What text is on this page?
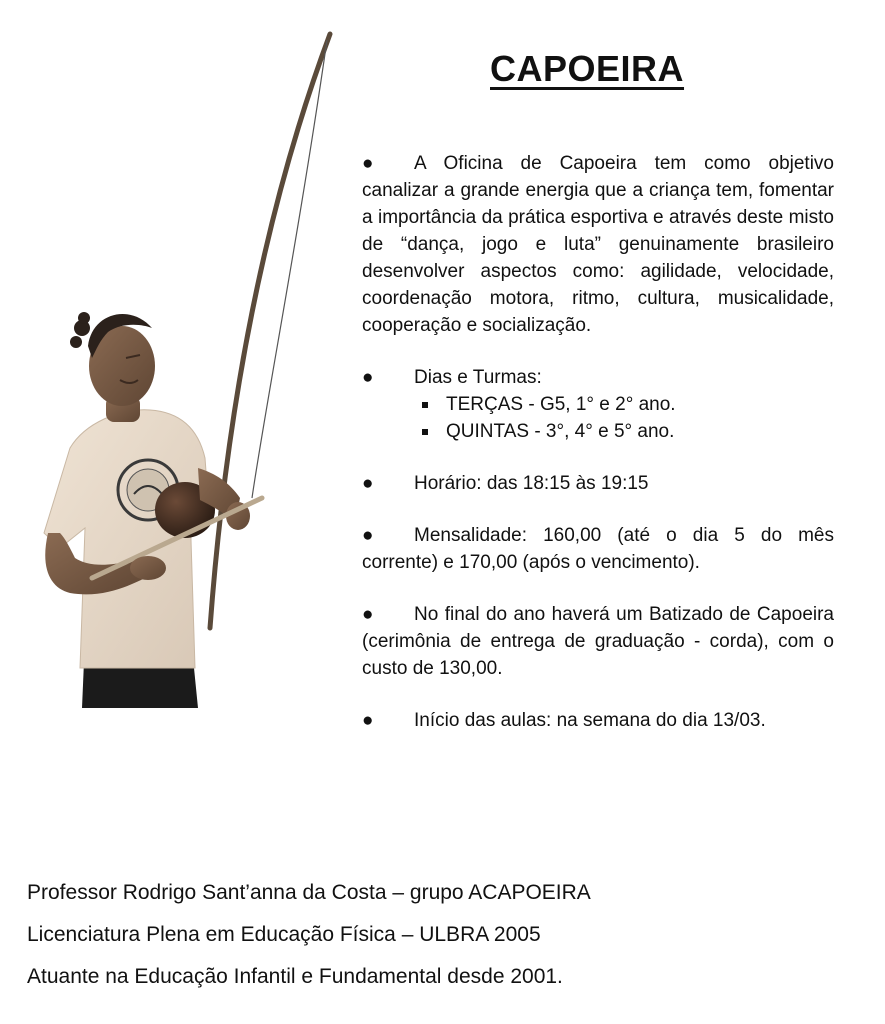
CAPOEIRA
●	A Oficina de Capoeira tem como objetivo canalizar a grande energia que a criança tem, fomentar a importância da prática esportiva e através deste misto de “dança, jogo e luta” genuinamente brasileiro desenvolver aspectos como: agilidade, velocidade, coordenação motora, ritmo, cultura, musicalidade, cooperação e socialização.

●	Dias e Turmas:

TERÇAS - G5, 1° e 2° ano.
QUINTAS - 3°, 4° e 5° ano.
●	Horário: das 18:15 às 19:15

●	Mensalidade: 160,00 (até o dia 5 do mês corrente) e 170,00 (após o vencimento).

●	No final do ano haverá um Batizado de Capoeira (cerimônia de entrega de graduação - corda), com o custo de 130,00.

●	Início das aulas: na semana do dia 13/03.

Professor Rodrigo Sant’anna da Costa – grupo ACAPOEIRA
Licenciatura Plena em Educação Física – ULBRA 2005
Atuante na Educação Infantil e Fundamental desde 2001.
